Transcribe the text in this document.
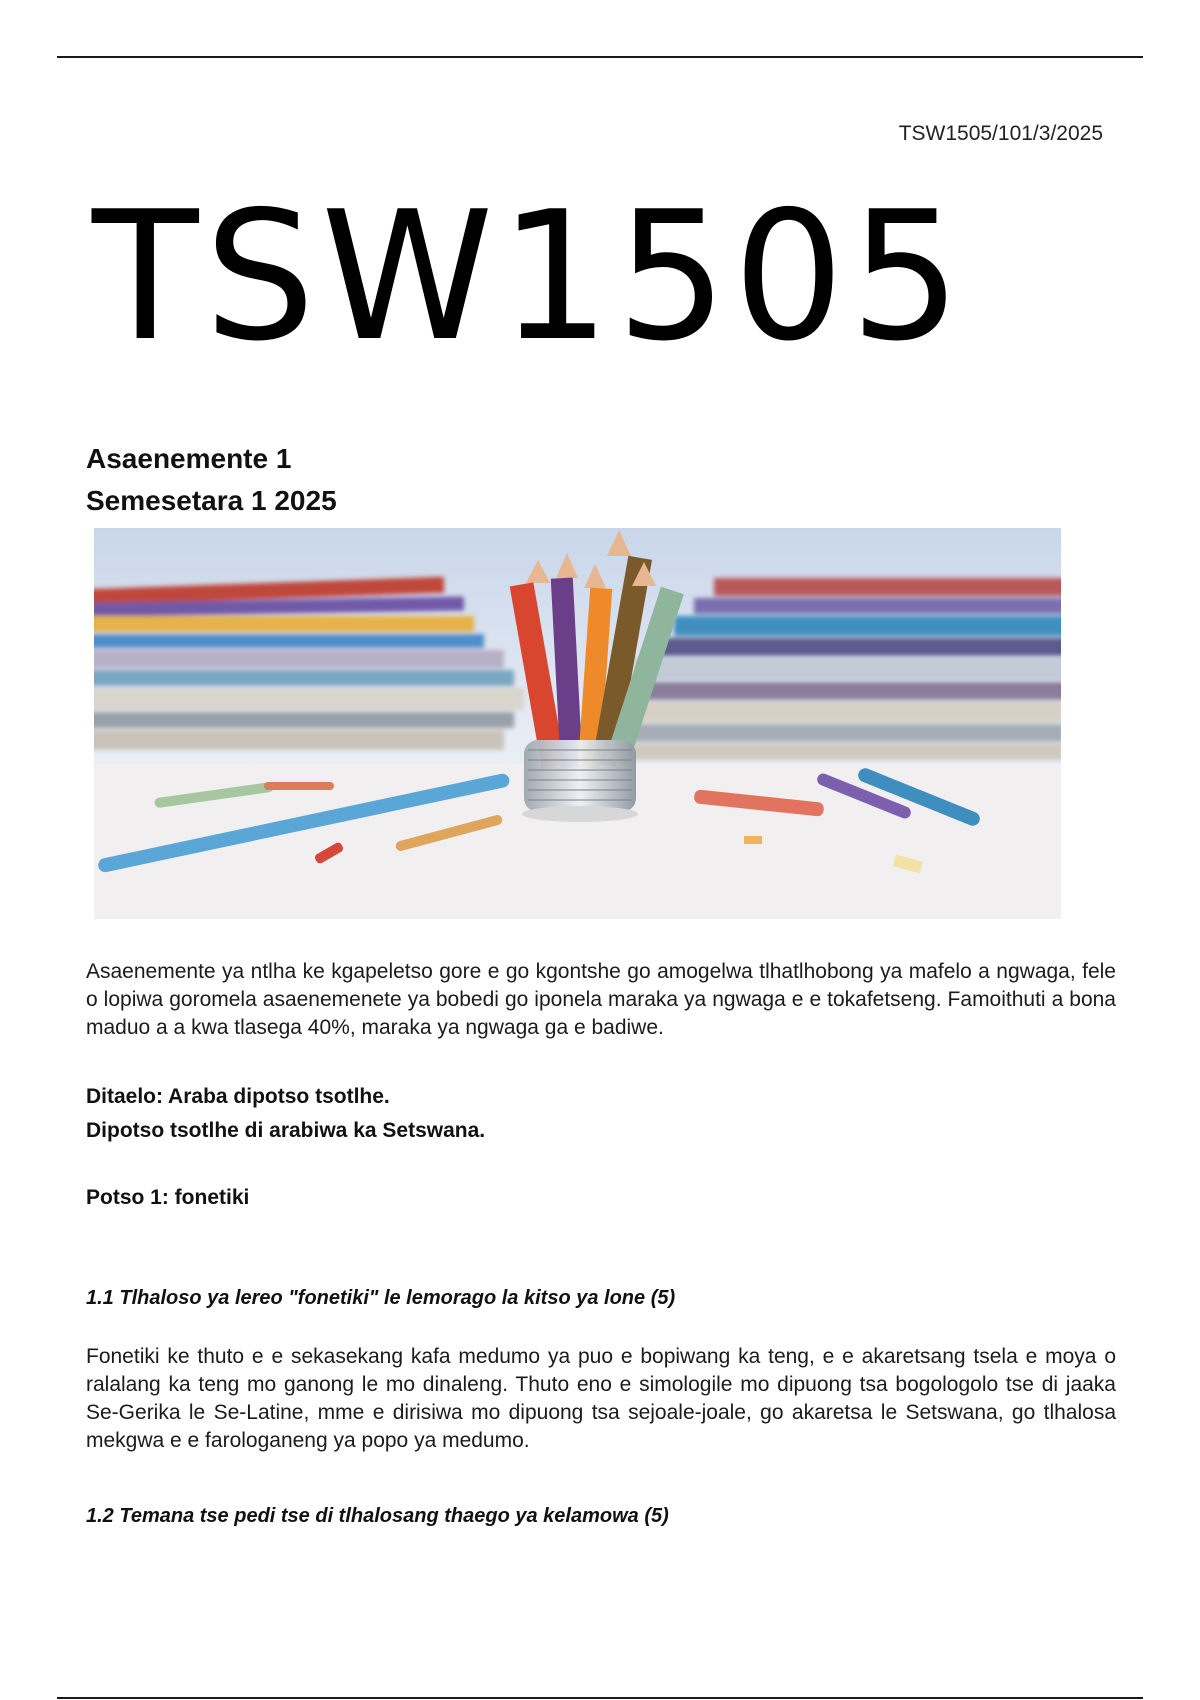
TSW1505/101/3/2025
TSW1505
Asaenemente 1
Semesetara 1 2025
Asaenemente ya ntlha ke kgapeletso gore e go kgontshe go amogelwa tlhatlhobong ya mafelo a ngwaga, fele o lopiwa goromela asaenemenete ya bobedi go iponela maraka ya ngwaga e e tokafetseng. Famoithuti a bona maduo a a kwa tlasega 40%, maraka ya ngwaga ga e badiwe.
Ditaelo: Araba dipotso tsotlhe.
Dipotso tsotlhe di arabiwa ka Setswana.
Potso 1: fonetiki
1.1 Tlhaloso ya lereo "fonetiki" le lemorago la kitso ya lone (5)
Fonetiki ke thuto e e sekasekang kafa medumo ya puo e bopiwang ka teng, e e akaretsang tsela e moya o ralalang ka teng mo ganong le mo dinaleng. Thuto eno e simologile mo dipuong tsa bogologolo tse di jaaka Se-Gerika le Se-Latine, mme e dirisiwa mo dipuong tsa sejoale-joale, go akaretsa le Setswana, go tlhalosa mekgwa e e farologaneng ya popo ya medumo.
1.2 Temana tse pedi tse di tlhalosang thaego ya kelamowa (5)
